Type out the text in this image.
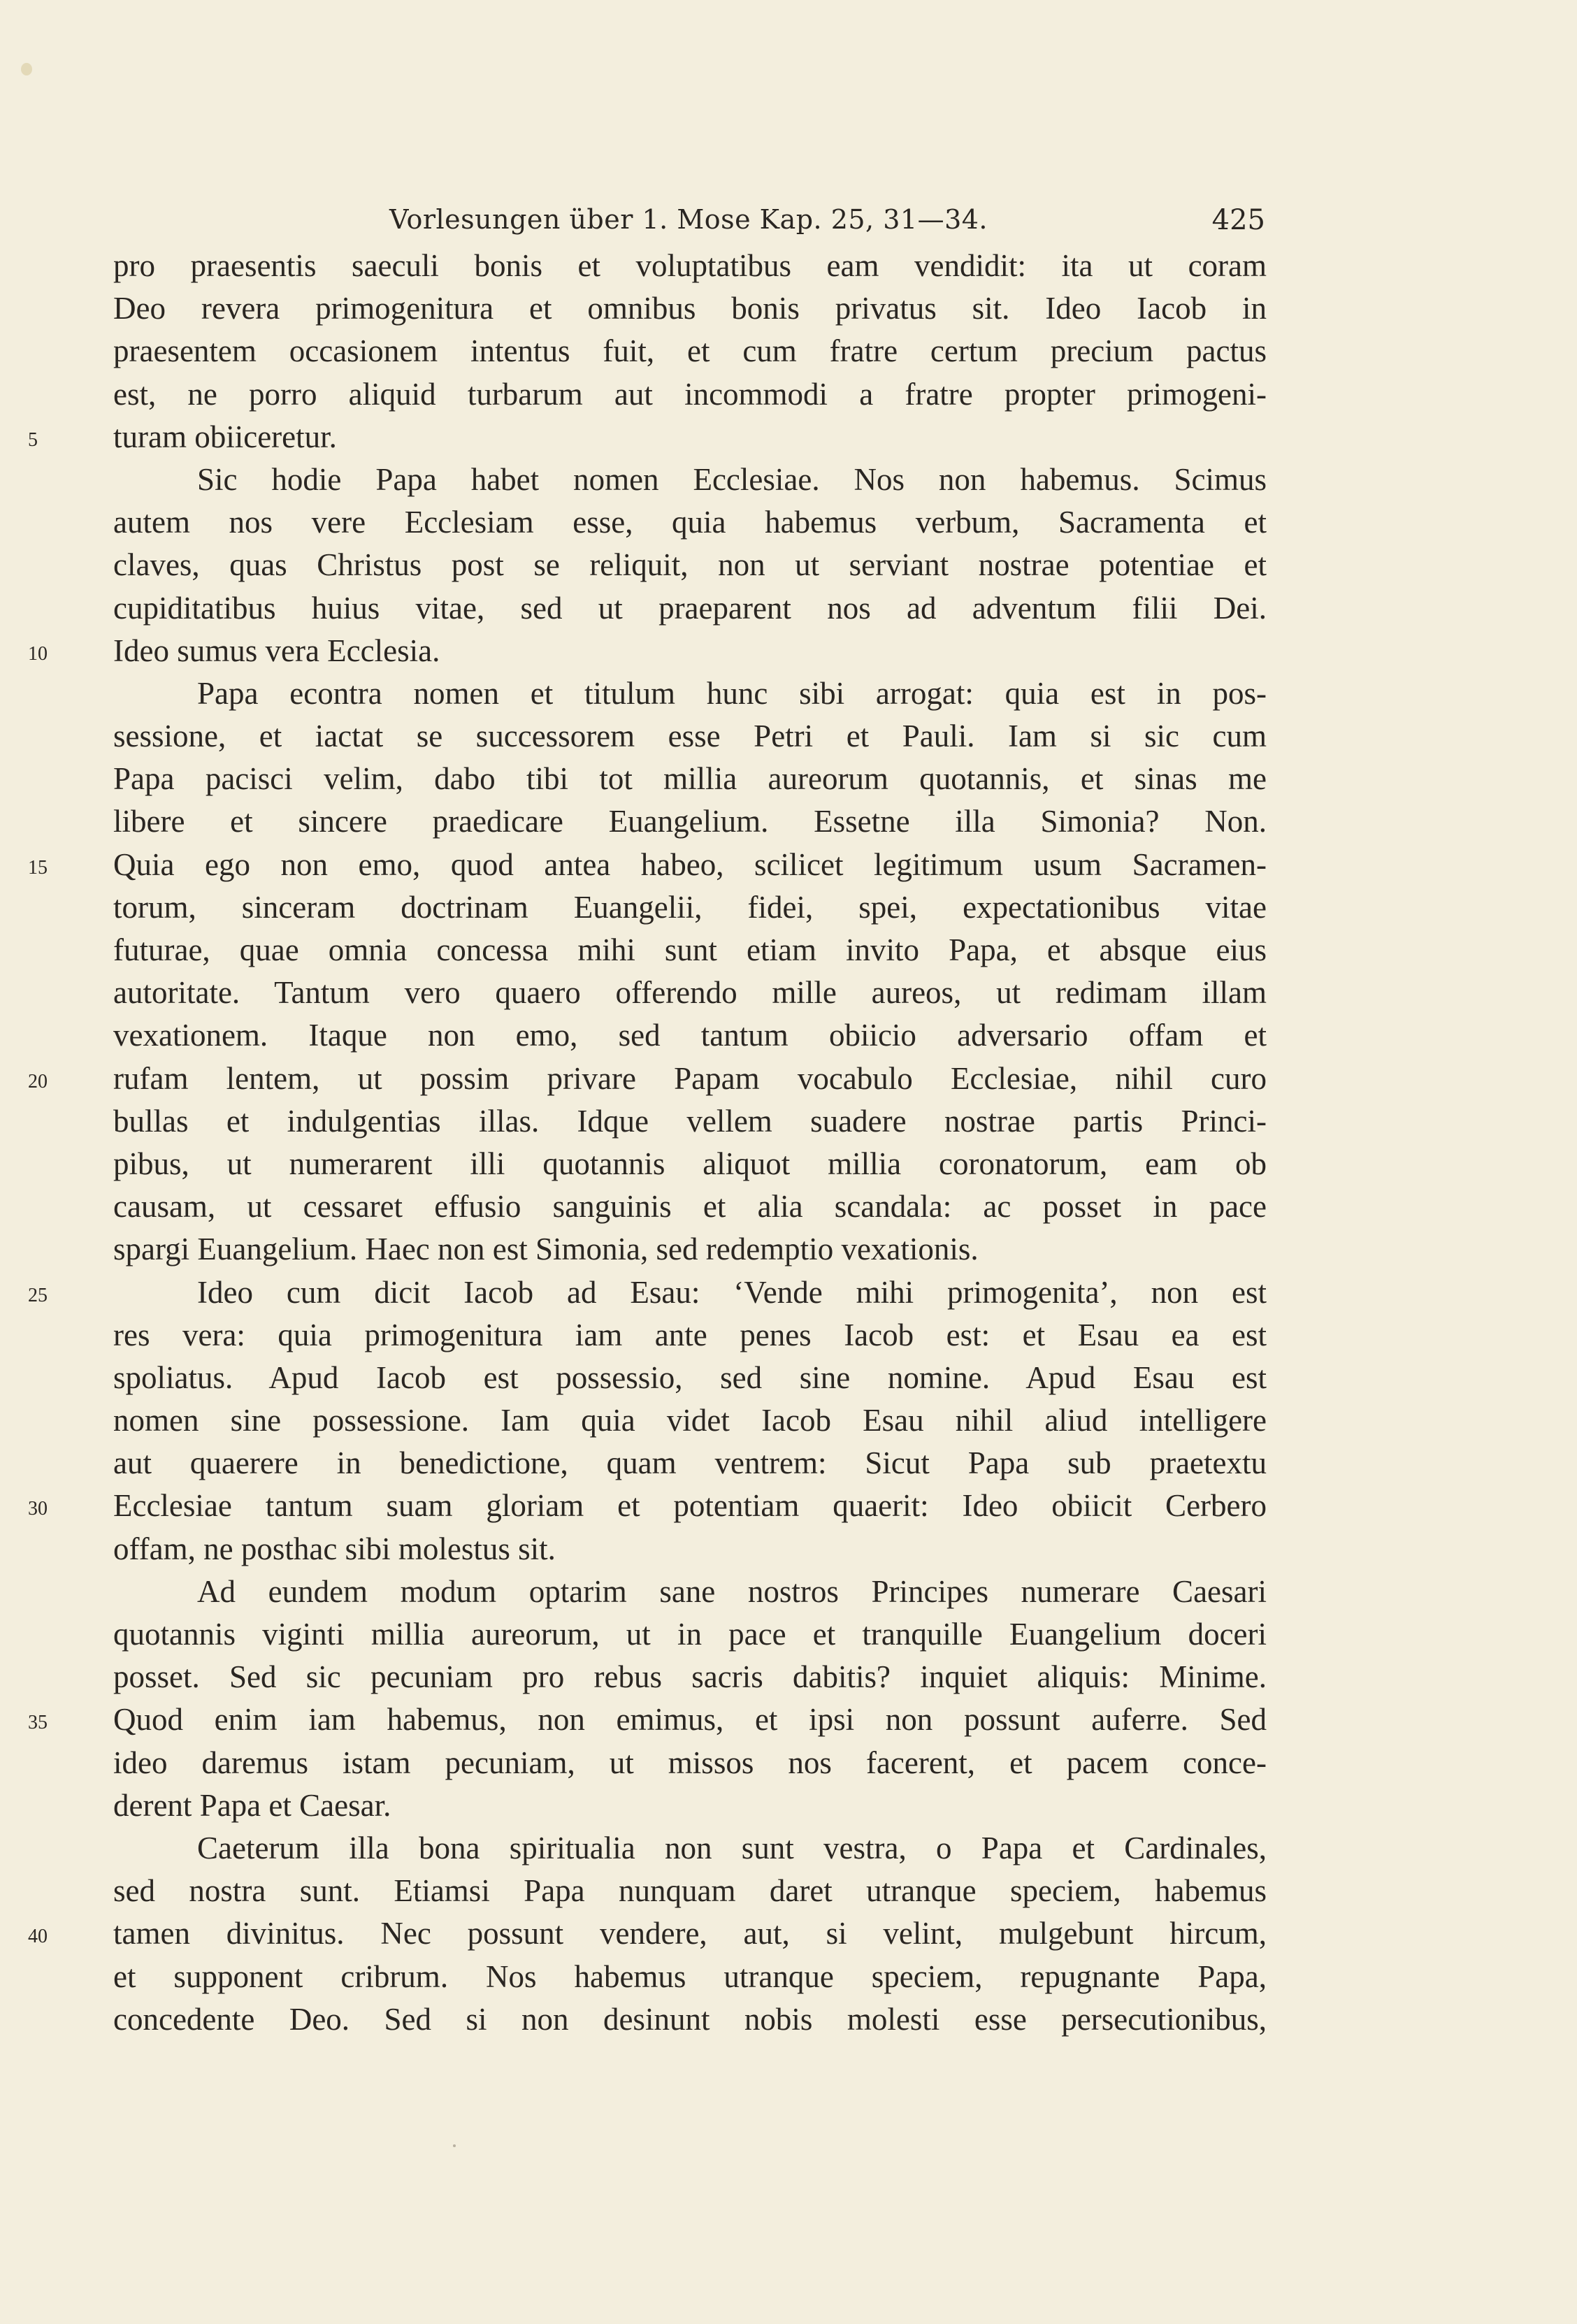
Vorlesungen über 1. Mose Kap. 25, 31—34.	425
pro praesentis saeculi bonis et voluptatibus eam vendidit: ita ut coram
Deo revera primogenitura et omnibus bonis privatus sit. Ideo Iacob in
praesentem occasionem intentus fuit, et cum fratre certum precium pactus
est, ne porro aliquid turbarum aut incommodi a fratre propter primogeni-
5	turam obiiceretur.
Sic hodie Papa habet nomen Ecclesiae. Nos non habemus. Scimus
autem nos vere Ecclesiam esse, quia habemus verbum, Sacramenta et
claves, quas Christus post se reliquit, non ut serviant nostrae potentiae et
cupiditatibus huius vitae, sed ut praeparent nos ad adventum filii Dei.
10	Ideo sumus vera Ecclesia.
Papa econtra nomen et titulum hunc sibi arrogat: quia est in pos-
sessione, et iactat se successorem esse Petri et Pauli. Iam si sic cum
Papa pacisci velim, dabo tibi tot millia aureorum quotannis, et sinas me
libere et sincere praedicare Euangelium. Essetne illa Simonia? Non.
15	Quia ego non emo, quod antea habeo, scilicet legitimum usum Sacramen-
torum, sinceram doctrinam Euangelii, fidei, spei, expectationibus vitae
futurae, quae omnia concessa mihi sunt etiam invito Papa, et absque eius
autoritate. Tantum vero quaero offerendo mille aureos, ut redimam illam
vexationem. Itaque non emo, sed tantum obiicio adversario offam et
20	rufam lentem, ut possim privare Papam vocabulo Ecclesiae, nihil curo
bullas et indulgentias illas. Idque vellem suadere nostrae partis Princi-
pibus, ut numerarent illi quotannis aliquot millia coronatorum, eam ob
causam, ut cessaret effusio sanguinis et alia scandala: ac posset in pace
spargi Euangelium. Haec non est Simonia, sed redemptio vexationis.
25	Ideo cum dicit Iacob ad Esau: ‘Vende mihi primogenita’, non est
res vera: quia primogenitura iam ante penes Iacob est: et Esau ea est
spoliatus. Apud Iacob est possessio, sed sine nomine. Apud Esau est
nomen sine possessione. Iam quia videt Iacob Esau nihil aliud intelligere
aut quaerere in benedictione, quam ventrem: Sicut Papa sub praetextu
30	Ecclesiae tantum suam gloriam et potentiam quaerit: Ideo obiicit Cerbero
offam, ne posthac sibi molestus sit.
Ad eundem modum optarim sane nostros Principes numerare Caesari
quotannis viginti millia aureorum, ut in pace et tranquille Euangelium doceri
posset. Sed sic pecuniam pro rebus sacris dabitis? inquiet aliquis: Minime.
35	Quod enim iam habemus, non emimus, et ipsi non possunt auferre. Sed
ideo daremus istam pecuniam, ut missos nos facerent, et pacem conce-
derent Papa et Caesar.
Caeterum illa bona spiritualia non sunt vestra, o Papa et Cardinales,
sed nostra sunt. Etiamsi Papa nunquam daret utranque speciem, habemus
40	tamen divinitus. Nec possunt vendere, aut, si velint, mulgebunt hircum,
et supponent cribrum. Nos habemus utranque speciem, repugnante Papa,
concedente Deo. Sed si non desinunt nobis molesti esse persecutionibus,
